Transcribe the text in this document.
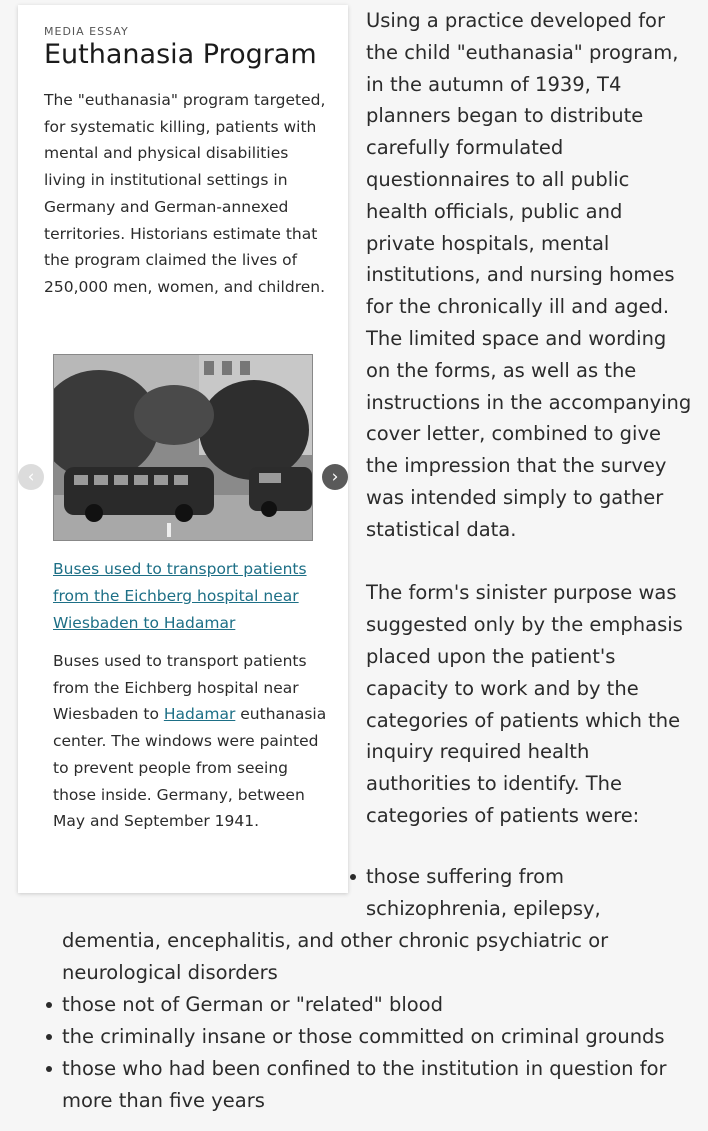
MEDIA ESSAY
Euthanasia Program

The "euthanasia" program targeted, for systematic killing, patients with mental and physical disabilities living in institutional settings in Germany and German-annexed territories. Historians estimate that the program claimed the lives of 250,000 men, women, and children.

‹	›
Buses used to transport patients from the Eichberg hospital near Wiesbaden to Hadamar
Buses used to transport patients from the Eichberg hospital near Wiesbaden to Hadamar euthanasia center. The windows were painted to prevent people from seeing those inside. Germany, between May and September 1941.

Using a practice developed for the child "euthanasia" program, in the autumn of 1939, T4 planners began to distribute carefully formulated questionnaires to all public health officials, public and private hospitals, mental institutions, and nursing homes for the chronically ill and aged. The limited space and wording on the forms, as well as the instructions in the accompanying cover letter, combined to give the impression that the survey was intended simply to gather statistical data.

The form's sinister purpose was suggested only by the emphasis placed upon the patient's capacity to work and by the categories of patients which the inquiry required health authorities to identify. The categories of patients were:

those suffering from
schizophrenia, epilepsy,
dementia, encephalitis, and other chronic psychiatric or
neurological disorders
those not of German or "related" blood
the criminally insane or those committed on criminal grounds
those who had been confined to the institution in question for
more than five years
